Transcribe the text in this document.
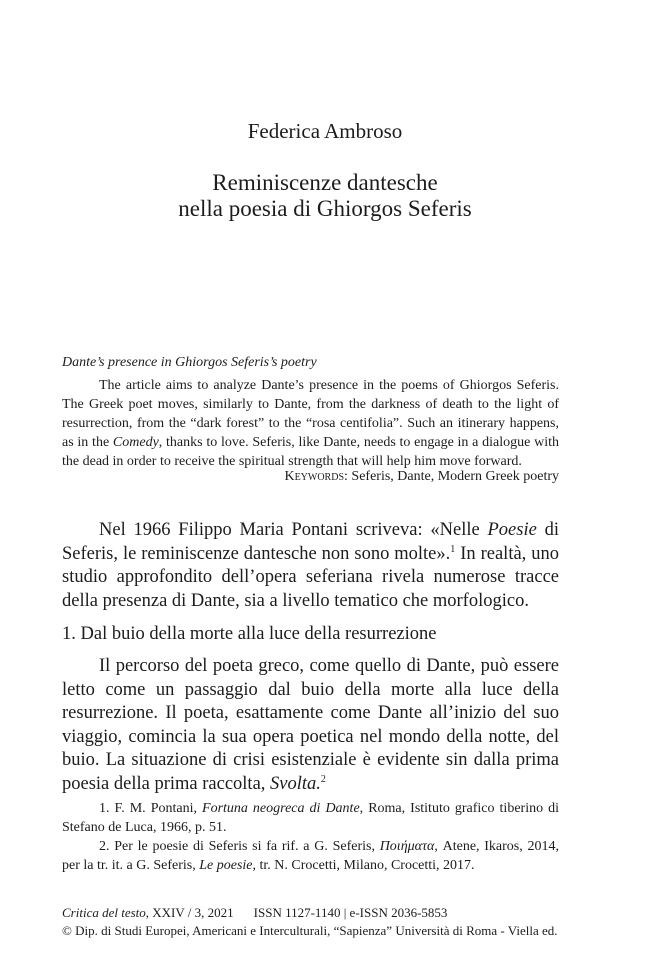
Federica Ambroso
Reminiscenze dantesche
nella poesia di Ghiorgos Seferis
Dante’s presence in Ghiorgos Seferis’s poetry

The article aims to analyze Dante’s presence in the poems of Ghiorgos Seferis. The Greek poet moves, similarly to Dante, from the darkness of death to the light of resurrection, from the “dark forest” to the “rosa centifolia”. Such an itinerary happens, as in the Comedy, thanks to love. Seferis, like Dante, needs to engage in a dialogue with the dead in order to receive the spiritual strength that will help him move forward.

Keywords: Seferis, Dante, Modern Greek poetry

Nel 1966 Filippo Maria Pontani scriveva: «Nelle Poesie di Seferis, le reminiscenze dantesche non sono molte».$^1$ In realtà, uno studio approfondito dell’opera seferiana rivela numerose tracce della presenza di Dante, sia a livello tematico che morfologico.

1. Dal buio della morte alla luce della resurrezione

Il percorso del poeta greco, come quello di Dante, può essere letto come un passaggio dal buio della morte alla luce della resurrezione. Il poeta, esattamente come Dante all’inizio del suo viaggio, comincia la sua opera poetica nel mondo della notte, del buio. La situazione di crisi esistenziale è evidente sin dalla prima poesia della prima raccolta, Svolta.$^2$

1. F. M. Pontani, Fortuna neogreca di Dante, Roma, Istituto grafico tiberino di Stefano de Luca, 1966, p. 51.

2. Per le poesie di Seferis si fa rif. a G. Seferis, Ποιήματα, Atene, Ikaros, 2014, per la tr. it. a G. Seferis, Le poesie, tr. N. Crocetti, Milano, Crocetti, 2017.

Critica del testo, XXIV / 3, 2021 ISSN 1127-1140 | e-ISSN 2036-5853
© Dip. di Studi Europei, Americani e Interculturali, “Sapienza” Università di Roma - Viella ed.
